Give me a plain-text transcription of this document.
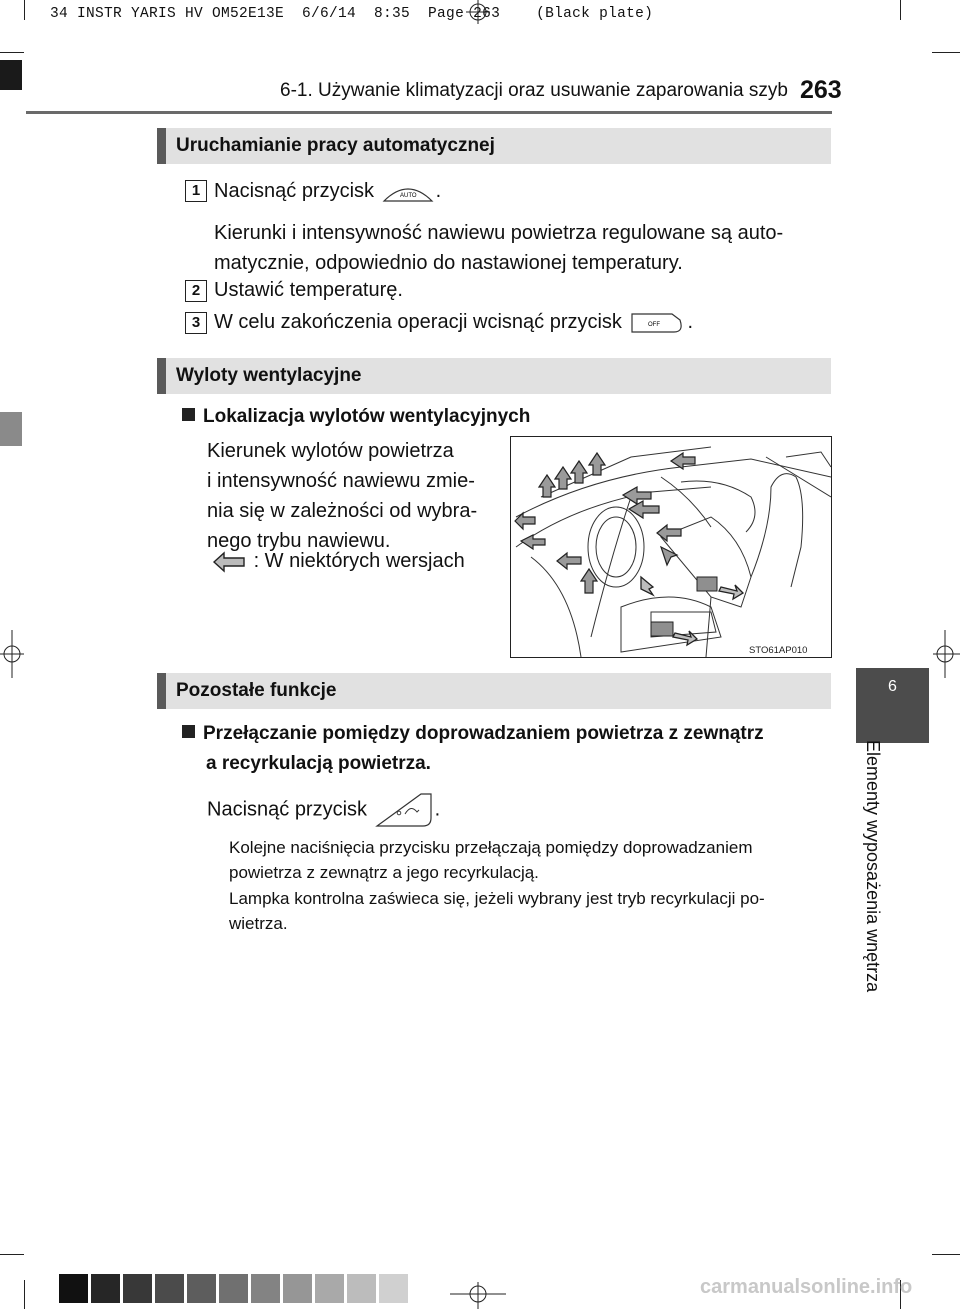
34 INSTR YARIS HV OM52E13E  6/6/14  8:35  Page 263    (Black plate)
6-1. Używanie klimatyzacji oraz usuwanie zaparowania szyb 263
Uruchamianie pracy automatycznej
1 Nacisnąć przycisk	AUTO .
Kierunki i intensywność nawiewu powietrza regulowane są auto-
matycznie, odpowiednio do nastawionej temperatury.
2 Ustawić temperaturę.
3 W celu zakończenia operacji wcisnąć przycisk	OFF .
Wyloty wentylacyjne
Lokalizacja wylotów wentylacyjnych
Kierunek wylotów powietrza
i intensywność nawiewu zmie-
nia się w zależności od wybra-
nego trybu nawiewu.
: W niektórych wersjach
STO61AP010
Pozostałe funkcje
Przełączanie pomiędzy doprowadzaniem powietrza z zewnątrz
a recyrkulacją powietrza.
Nacisnąć przycisk	.
Kolejne naciśnięcia przycisku przełączają pomiędzy doprowadzaniem
powietrza z zewnątrz a jego recyrkulacją.
Lampka kontrolna zaświeca się, jeżeli wybrany jest tryb recyrkulacji po-
wietrza.
6
Elementy wyposażenia wnętrza
carmanualsonline.info
